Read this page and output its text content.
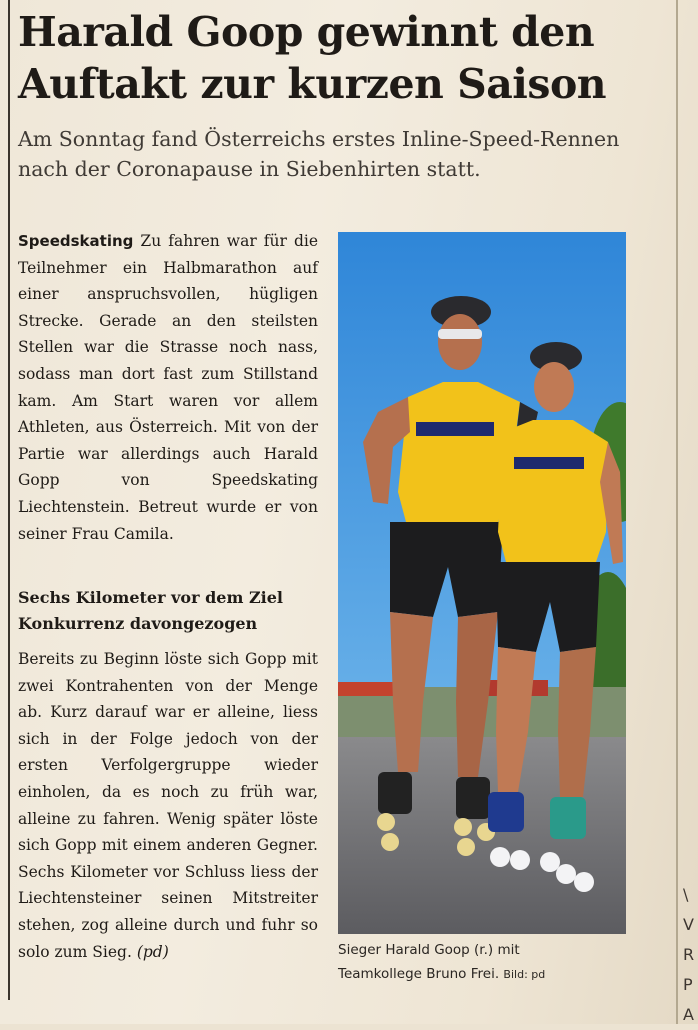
Harald Goop gewinnt den
Auftakt zur kurzen Saison

Am Sonntag fand Österreichs erstes Inline-Speed-Rennen
nach der Coronapause in Siebenhirten statt.

Speedskating Zu fahren war für die Teilnehmer ein Halbmarathon auf einer anspruchsvollen, hügligen Strecke. Gerade an den steilsten Stellen war die Strasse noch nass, sodass man dort fast zum Stillstand kam. Am Start waren vor allem Athleten, aus Österreich. Mit von der Partie war allerdings auch Harald Gopp von Speedskating Liechtenstein. Betreut wurde er von seiner Frau Camila.

Sechs Kilometer vor dem Ziel
Konkurrenz davongezogen

Bereits zu Beginn löste sich Gopp mit zwei Kontrahenten von der Menge ab. Kurz darauf war er alleine, liess sich in der Folge jedoch von der ersten Verfolgergruppe wieder einholen, da es noch zu früh war, alleine zu fahren. Wenig später löste sich Gopp mit einem anderen Gegner. Sechs Kilometer vor Schluss liess der Liechtensteiner seinen Mitstreiter stehen, zog alleine durch und fuhr so solo zum Sieg. (pd)	Sieger Harald Goop (r.) mit
Teamkollege Bruno Frei. Bild: pd

\
V
R
P
A
